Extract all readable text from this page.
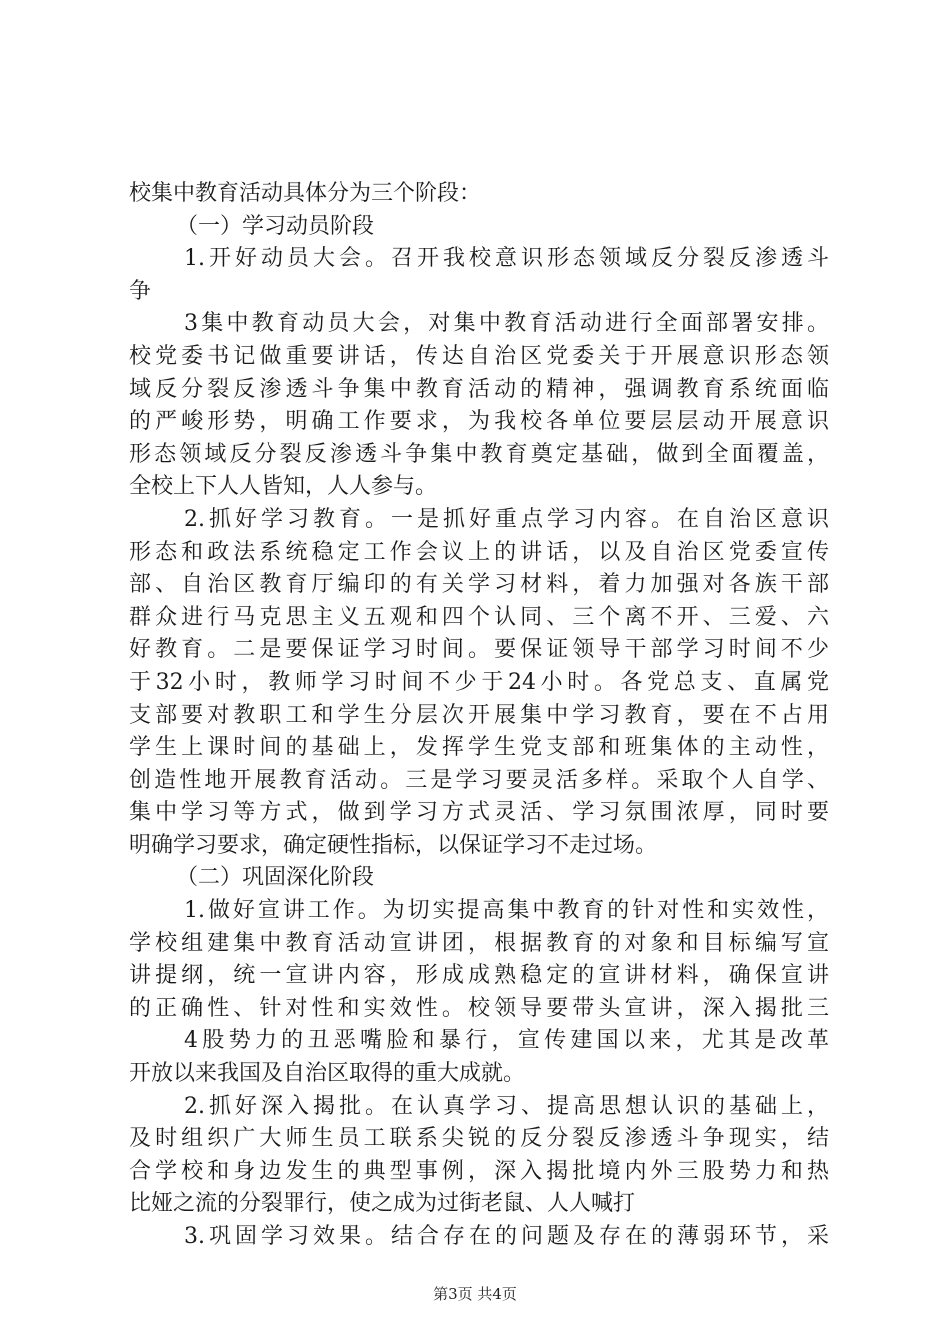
校集中教育活动具体分为三个阶段：
（一）学习动员阶段
1.开好动员大会。召开我校意识形态领域反分裂反渗透斗
争
3集中教育动员大会，对集中教育活动进行全面部署安排。
校党委书记做重要讲话，传达自治区党委关于开展意识形态领
域反分裂反渗透斗争集中教育活动的精神，强调教育系统面临
的严峻形势，明确工作要求，为我校各单位要层层动开展意识
形态领域反分裂反渗透斗争集中教育奠定基础，做到全面覆盖，
全校上下人人皆知，人人参与。
2.抓好学习教育。一是抓好重点学习内容。在自治区意识
形态和政法系统稳定工作会议上的讲话，以及自治区党委宣传
部、自治区教育厅编印的有关学习材料，着力加强对各族干部
群众进行马克思主义五观和四个认同、三个离不开、三爱、六
好教育。二是要保证学习时间。要保证领导干部学习时间不少
于32小时，教师学习时间不少于24小时。各党总支、直属党
支部要对教职工和学生分层次开展集中学习教育，要在不占用
学生上课时间的基础上，发挥学生党支部和班集体的主动性，
创造性地开展教育活动。三是学习要灵活多样。采取个人自学、
集中学习等方式，做到学习方式灵活、学习氛围浓厚，同时要
明确学习要求，确定硬性指标，以保证学习不走过场。
（二）巩固深化阶段
1.做好宣讲工作。为切实提高集中教育的针对性和实效性，
学校组建集中教育活动宣讲团，根据教育的对象和目标编写宣
讲提纲，统一宣讲内容，形成成熟稳定的宣讲材料，确保宣讲
的正确性、针对性和实效性。校领导要带头宣讲，深入揭批三
4股势力的丑恶嘴脸和暴行，宣传建国以来，尤其是改革
开放以来我国及自治区取得的重大成就。
2.抓好深入揭批。在认真学习、提高思想认识的基础上，
及时组织广大师生员工联系尖锐的反分裂反渗透斗争现实，结
合学校和身边发生的典型事例，深入揭批境内外三股势力和热
比娅之流的分裂罪行，使之成为过街老鼠、人人喊打
3.巩固学习效果。结合存在的问题及存在的薄弱环节，采
第3页 共4页
